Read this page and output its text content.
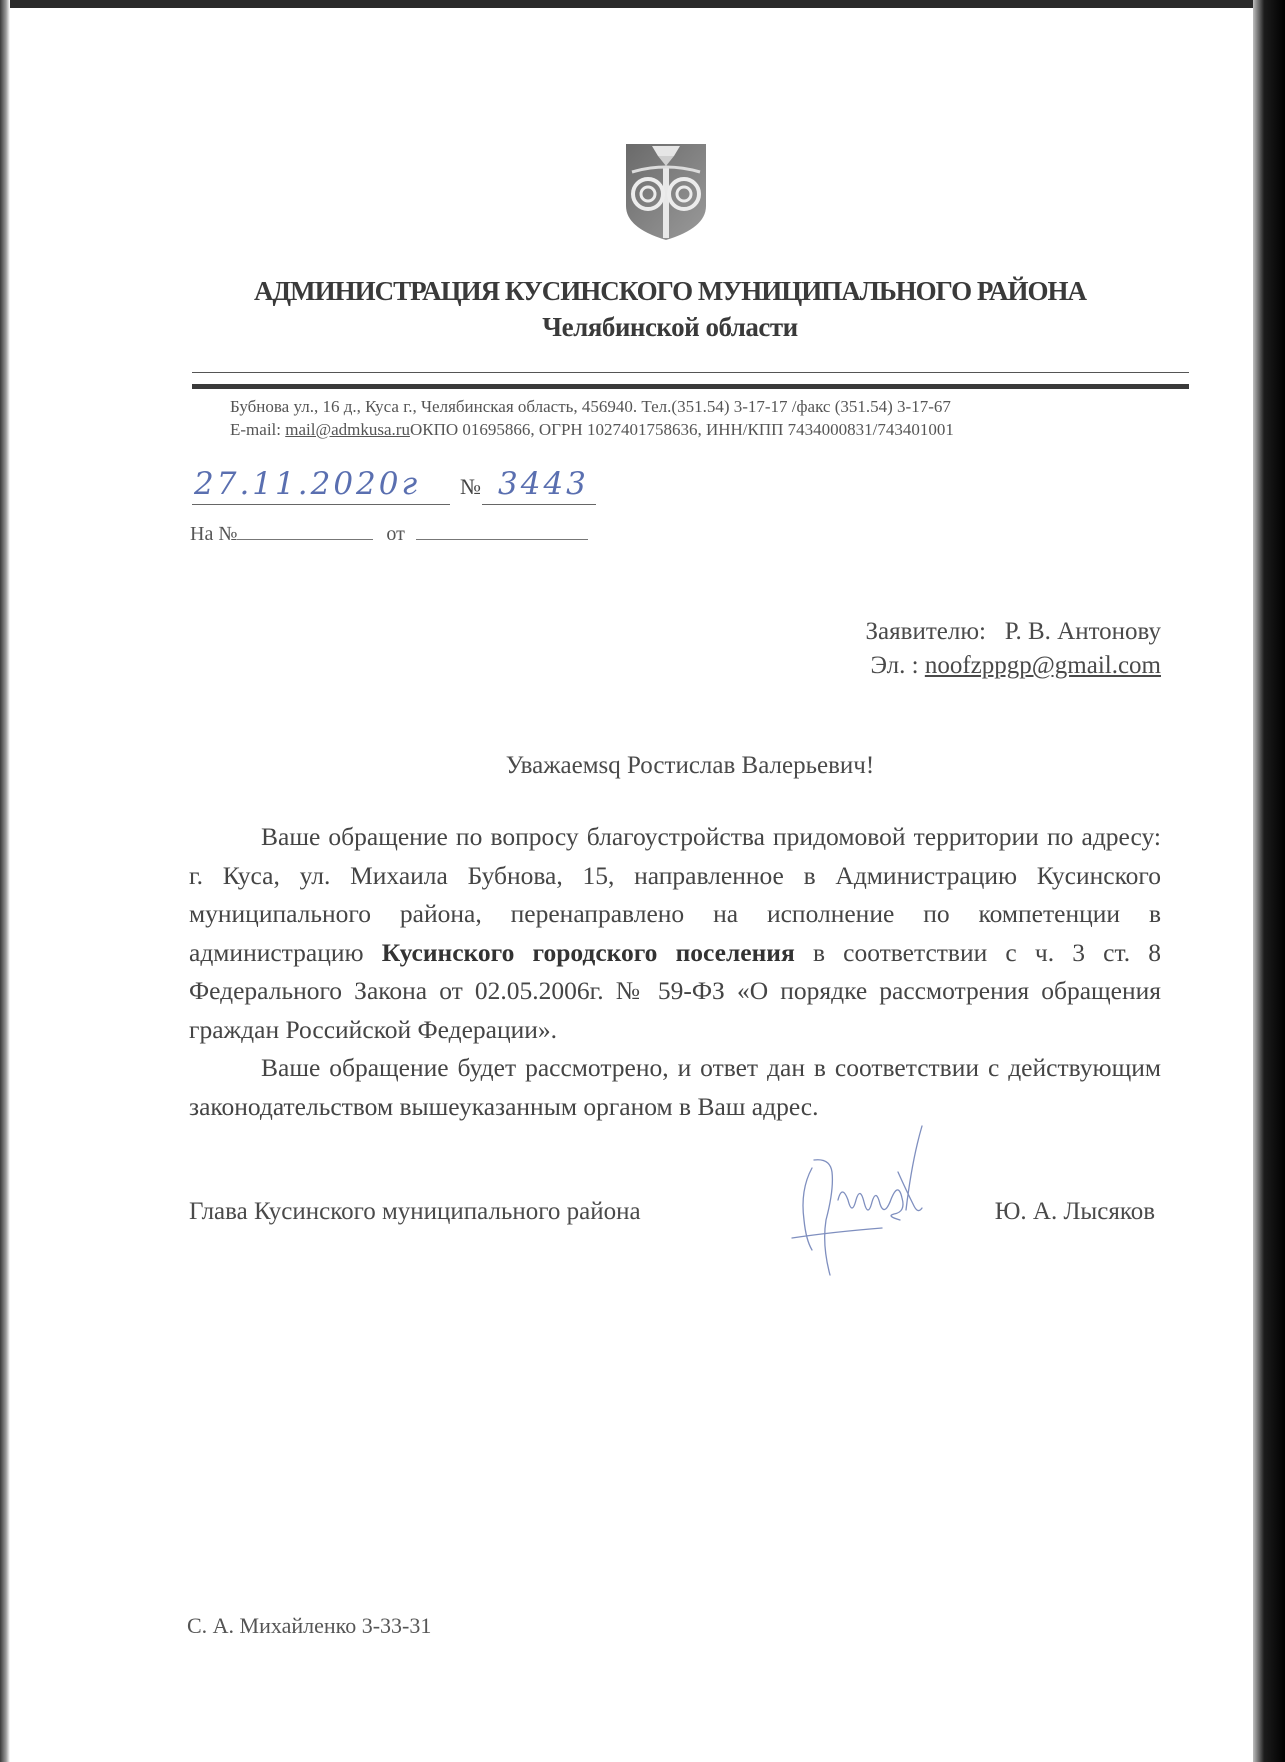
АДМИНИСТРАЦИЯ КУСИНСКОГО МУНИЦИПАЛЬНОГО РАЙОНА
Челябинской области
Бубнова ул., 16 д., Куса г., Челябинская область, 456940. Тел.(351.54) 3-17-17 /факс (351.54) 3-17-67
E-mail: mail@admkusa.ruОКПО 01695866, ОГРН 1027401758636, ИНН/КПП 7434000831/743401001
27.11.2020г № 3443
На №	от
Заявителю:   Р. В. Антонову
Эл. : noofzppgp@gmail.com
Уважаемsq Ростислав Валерьевич!

Ваше обращение по вопросу благоустройства придомовой территории по адресу: г. Куса, ул. Михаила Бубнова, 15, направленное в Администрацию Кусинского муниципального района, перенаправлено на исполнение по компетенции в администрацию Кусинского городского поселения в соответствии с ч. 3 ст. 8 Федерального Закона от 02.05.2006г. № 59-ФЗ «О порядке рассмотрения обращения граждан Российской Федерации».

Ваше обращение будет рассмотрено, и ответ дан в соответствии с действующим законодательством вышеуказанным органом в Ваш адрес.

Глава Кусинского муниципального района	Ю. А. Лысяков
С. А. Михайленко 3-33-31
